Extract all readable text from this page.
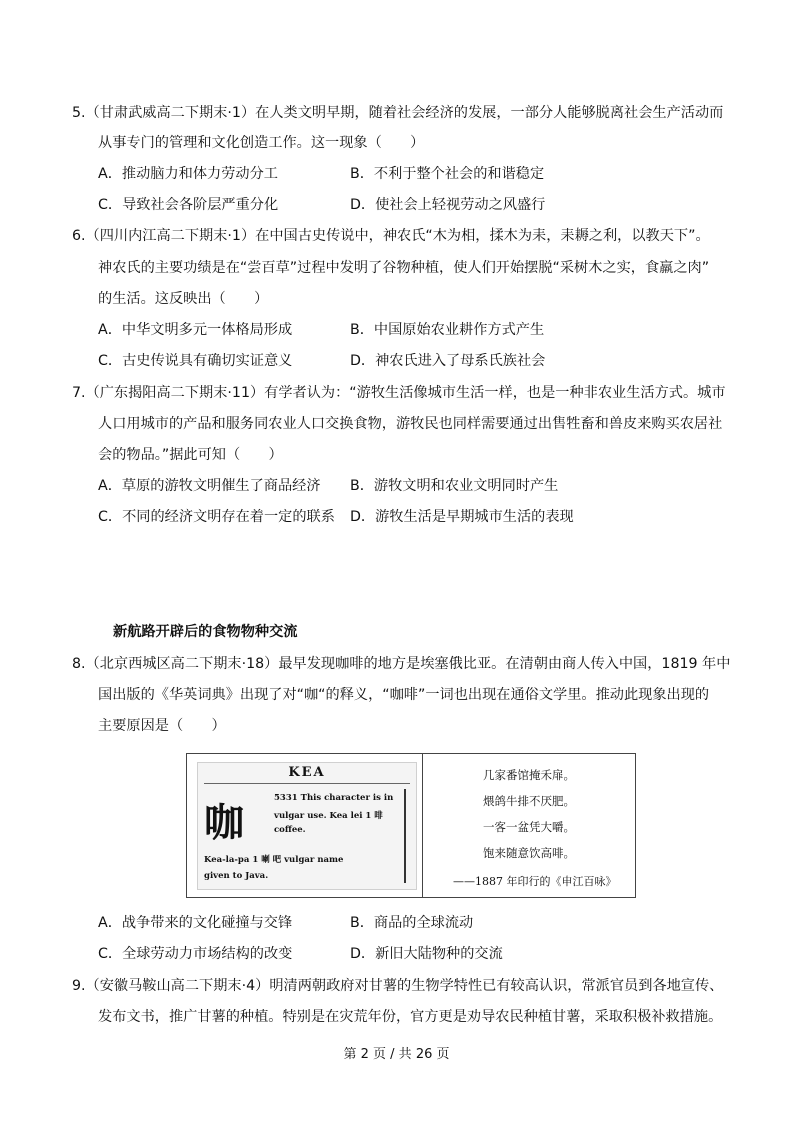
5.（甘肃武威高二下期末·1）在人类文明早期，随着社会经济的发展，一部分人能够脱离社会生产活动而
从事专门的管理和文化创造工作。这一现象（　　）
A．推动脑力和体力劳动分工	B．不利于整个社会的和谐稳定
C．导致社会各阶层严重分化	D．使社会上轻视劳动之风盛行
6.（四川内江高二下期末·1）在中国古史传说中，神农氏“木为相，揉木为耒，耒耨之利，以教天下”。
神农氏的主要功绩是在“尝百草”过程中发明了谷物种植，使人们开始摆脱“采树木之实，食羸之肉”
的生活。这反映出（　　）
A．中华文明多元一体格局形成	B．中国原始农业耕作方式产生
C．古史传说具有确切实证意义	D．神农氏进入了母系氏族社会
7.（广东揭阳高二下期末·11）有学者认为：“游牧生活像城市生活一样，也是一种非农业生活方式。城市
人口用城市的产品和服务同农业人口交换食物，游牧民也同样需要通过出售牲畜和兽皮来购买农居社
会的物品。”据此可知（　　）
A．草原的游牧文明催生了商品经济 B．游牧文明和农业文明同时产生
C．不同的经济文明存在着一定的联系 D．游牧生活是早期城市生活的表现
新航路开辟后的食物物种交流
8.（北京西城区高二下期末·18）最早发现咖啡的地方是埃塞俄比亚。在清朝由商人传入中国，1819 年中
国出版的《华英词典》出现了对“咖“的释义，“咖啡”一词也出现在通俗文学里。推动此现象出现的
主要原因是（　　）
KEA
咖
5331 This character is in
vulgar use. Kea lei 1 啡
coffee.
Kea-la-pa 1 喇 吧 vulgar name
given to Java.
几家番馆掩禾扉。
煨鸽牛排不厌肥。
一客一盆凭大嚼。
饱来随意饮高啡。
——1887 年印行的《申江百咏》
A．战争带来的文化碰撞与交锋	B．商品的全球流动
C．全球劳动力市场结构的改变	D．新旧大陆物种的交流
9.（安徽马鞍山高二下期末·4）明清两朝政府对甘薯的生物学特性已有较高认识，常派官员到各地宣传、
发布文书，推广甘薯的种植。特别是在灾荒年份，官方更是劝导农民种植甘薯，采取积极补救措施。
第 2 页 / 共 26 页
